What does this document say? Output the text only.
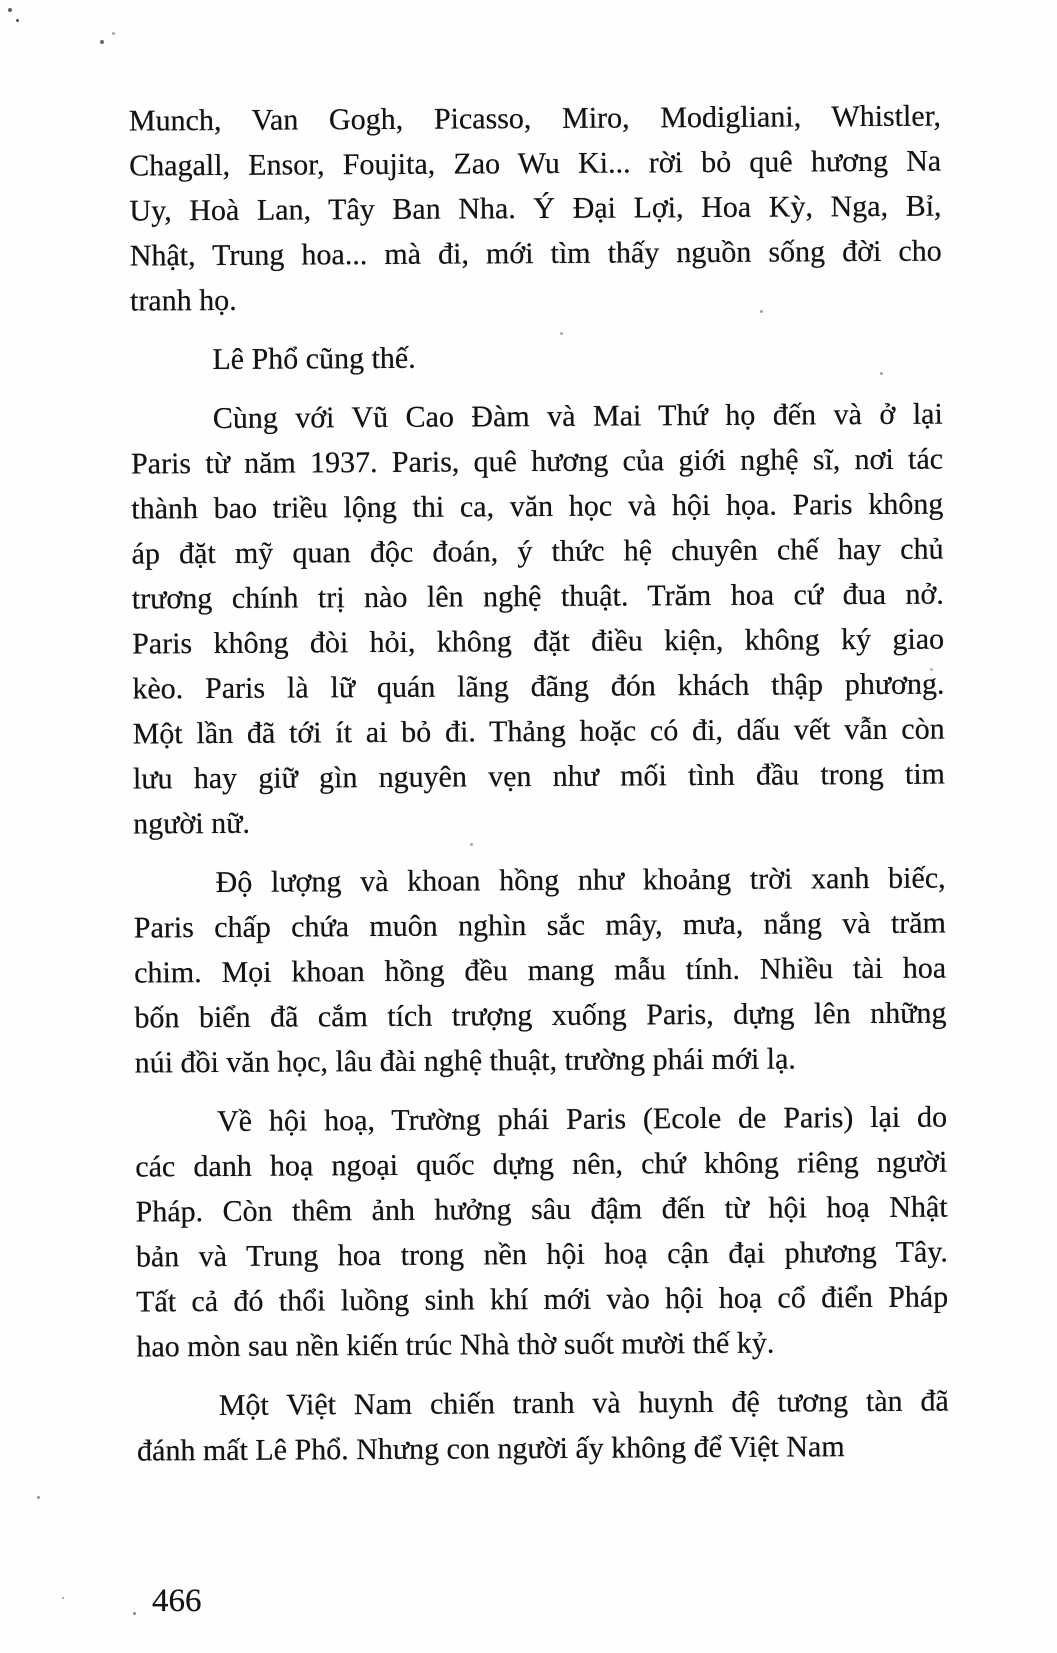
Munch, Van Gogh, Picasso, Miro, Modigliani, Whistler,
Chagall, Ensor, Foujita, Zao Wu Ki... rời bỏ quê hương Na
Uy, Hoà Lan, Tây Ban Nha. Ý Đại Lợi, Hoa Kỳ, Nga, Bỉ,
Nhật, Trung hoa... mà đi, mới tìm thấy nguồn sống đời cho
tranh họ.
Lê Phổ cũng thế.
Cùng với Vũ Cao Đàm và Mai Thứ họ đến và ở lại
Paris từ năm 1937. Paris, quê hương của giới nghệ sĩ, nơi tác
thành bao triều lộng thi ca, văn học và hội họa. Paris không
áp đặt mỹ quan độc đoán, ý thức hệ chuyên chế hay chủ
trương chính trị nào lên nghệ thuật. Trăm hoa cứ đua nở.
Paris không đòi hỏi, không đặt điều kiện, không ký giao
kèo. Paris là lữ quán lãng đãng đón khách thập phương.
Một lần đã tới ít ai bỏ đi. Thảng hoặc có đi, dấu vết vẫn còn
lưu hay giữ gìn nguyên vẹn như mối tình đầu trong tim
người nữ.
Độ lượng và khoan hồng như khoảng trời xanh biếc,
Paris chấp chứa muôn nghìn sắc mây, mưa, nắng và trăm
chim. Mọi khoan hồng đều mang mẫu tính. Nhiều tài hoa
bốn biển đã cắm tích trượng xuống Paris, dựng lên những
núi đồi văn học, lâu đài nghệ thuật, trường phái mới lạ.
Về hội hoạ, Trường phái Paris (Ecole de Paris) lại do
các danh hoạ ngoại quốc dựng nên, chứ không riêng người
Pháp. Còn thêm ảnh hưởng sâu đậm đến từ hội hoạ Nhật
bản và Trung hoa trong nền hội hoạ cận đại phương Tây.
Tất cả đó thổi luồng sinh khí mới vào hội hoạ cổ điển Pháp
hao mòn sau nền kiến trúc Nhà thờ suốt mười thế kỷ.
Một Việt Nam chiến tranh và huynh đệ tương tàn đã
đánh mất Lê Phổ. Nhưng con người ấy không để Việt Nam
466
